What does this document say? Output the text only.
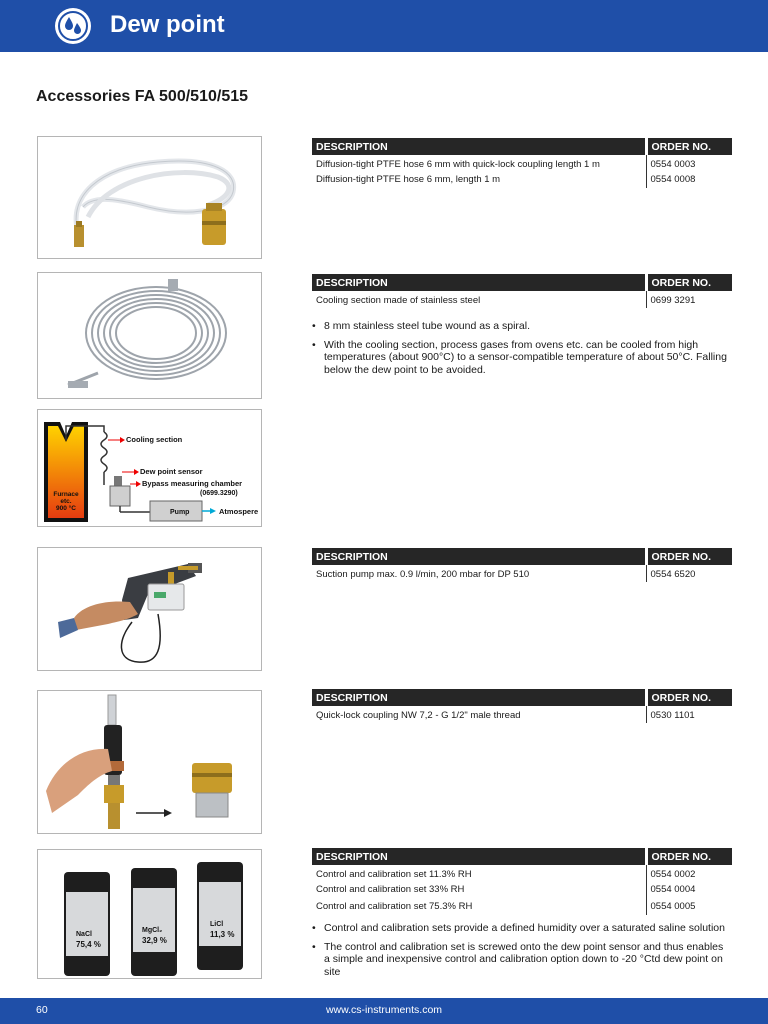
Dew point
Accessories FA 500/510/515
DESCRIPTION	ORDER NO.
Diffusion-tight PTFE hose 6 mm with quick-lock coupling length 1 m	0554 0003
Diffusion-tight PTFE hose 6 mm, length 1 m	0554 0008
DESCRIPTION	ORDER NO.
Cooling section made of stainless steel	0699 3291
• 8 mm stainless steel tube wound as a spiral.
• With the cooling section, process gases from ovens etc. can be cooled from high temperatures (about 900°C) to a sensor-compatible temperature of about 50°C. Falling below the dew point to be avoided.
Cooling section
Dew point sensor
Bypass measuring chamber
(0699.3290)
Pump	Atmospere
Furnace
etc.
900 °C
DESCRIPTION	ORDER NO.
Suction pump max. 0.9 l/min, 200 mbar for DP 510	0554 6520
DESCRIPTION	ORDER NO.
Quick-lock coupling NW 7,2 - G 1/2" male thread	0530 1101
NaCl
75,4 %
MgCl₂
32,9 %
LiCl
11,3 %
DESCRIPTION	ORDER NO.
Control and calibration set 11.3% RH	0554 0002
Control and calibration set 33% RH	0554 0004
Control and calibration set 75.3% RH	0554 0005
• Control and calibration sets provide a defined humidity over a saturated saline solution
• The control and calibration set is screwed onto the dew point sensor and thus enables a simple and inexpensive control and calibration option down to -20 °Ctd dew point on site
60	www.cs-instruments.com
